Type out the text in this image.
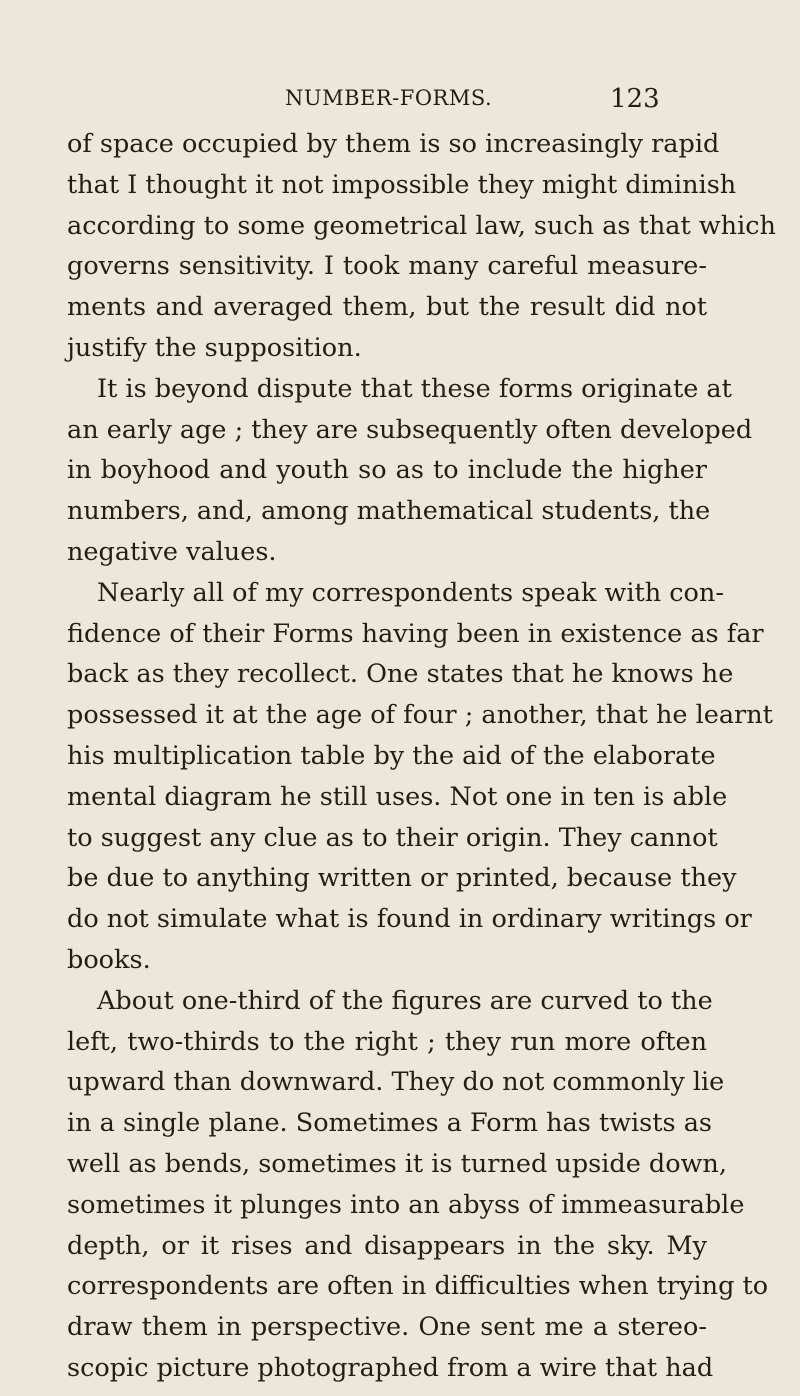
NUMBER-FORMS.	123
of space occupied by them is so increasingly rapid
that I thought it not impossible they might diminish
according to some geometrical law, such as that which
governs sensitivity. I took many careful measure-
ments and averaged them, but the result did not
justify the supposition.
It is beyond dispute that these forms originate at
an early age ; they are subsequently often developed
in boyhood and youth so as to include the higher
numbers, and, among mathematical students, the
negative values.
Nearly all of my correspondents speak with con-
fidence of their Forms having been in existence as far
back as they recollect. One states that he knows he
possessed it at the age of four ; another, that he learnt
his multiplication table by the aid of the elaborate
mental diagram he still uses. Not one in ten is able
to suggest any clue as to their origin. They cannot
be due to anything written or printed, because they
do not simulate what is found in ordinary writings or
books.
About one-third of the figures are curved to the
left, two-thirds to the right ; they run more often
upward than downward. They do not commonly lie
in a single plane. Sometimes a Form has twists as
well as bends, sometimes it is turned upside down,
sometimes it plunges into an abyss of immeasurable
depth, or it rises and disappears in the sky. My
correspondents are often in difficulties when trying to
draw them in perspective. One sent me a stereo-
scopic picture photographed from a wire that had
